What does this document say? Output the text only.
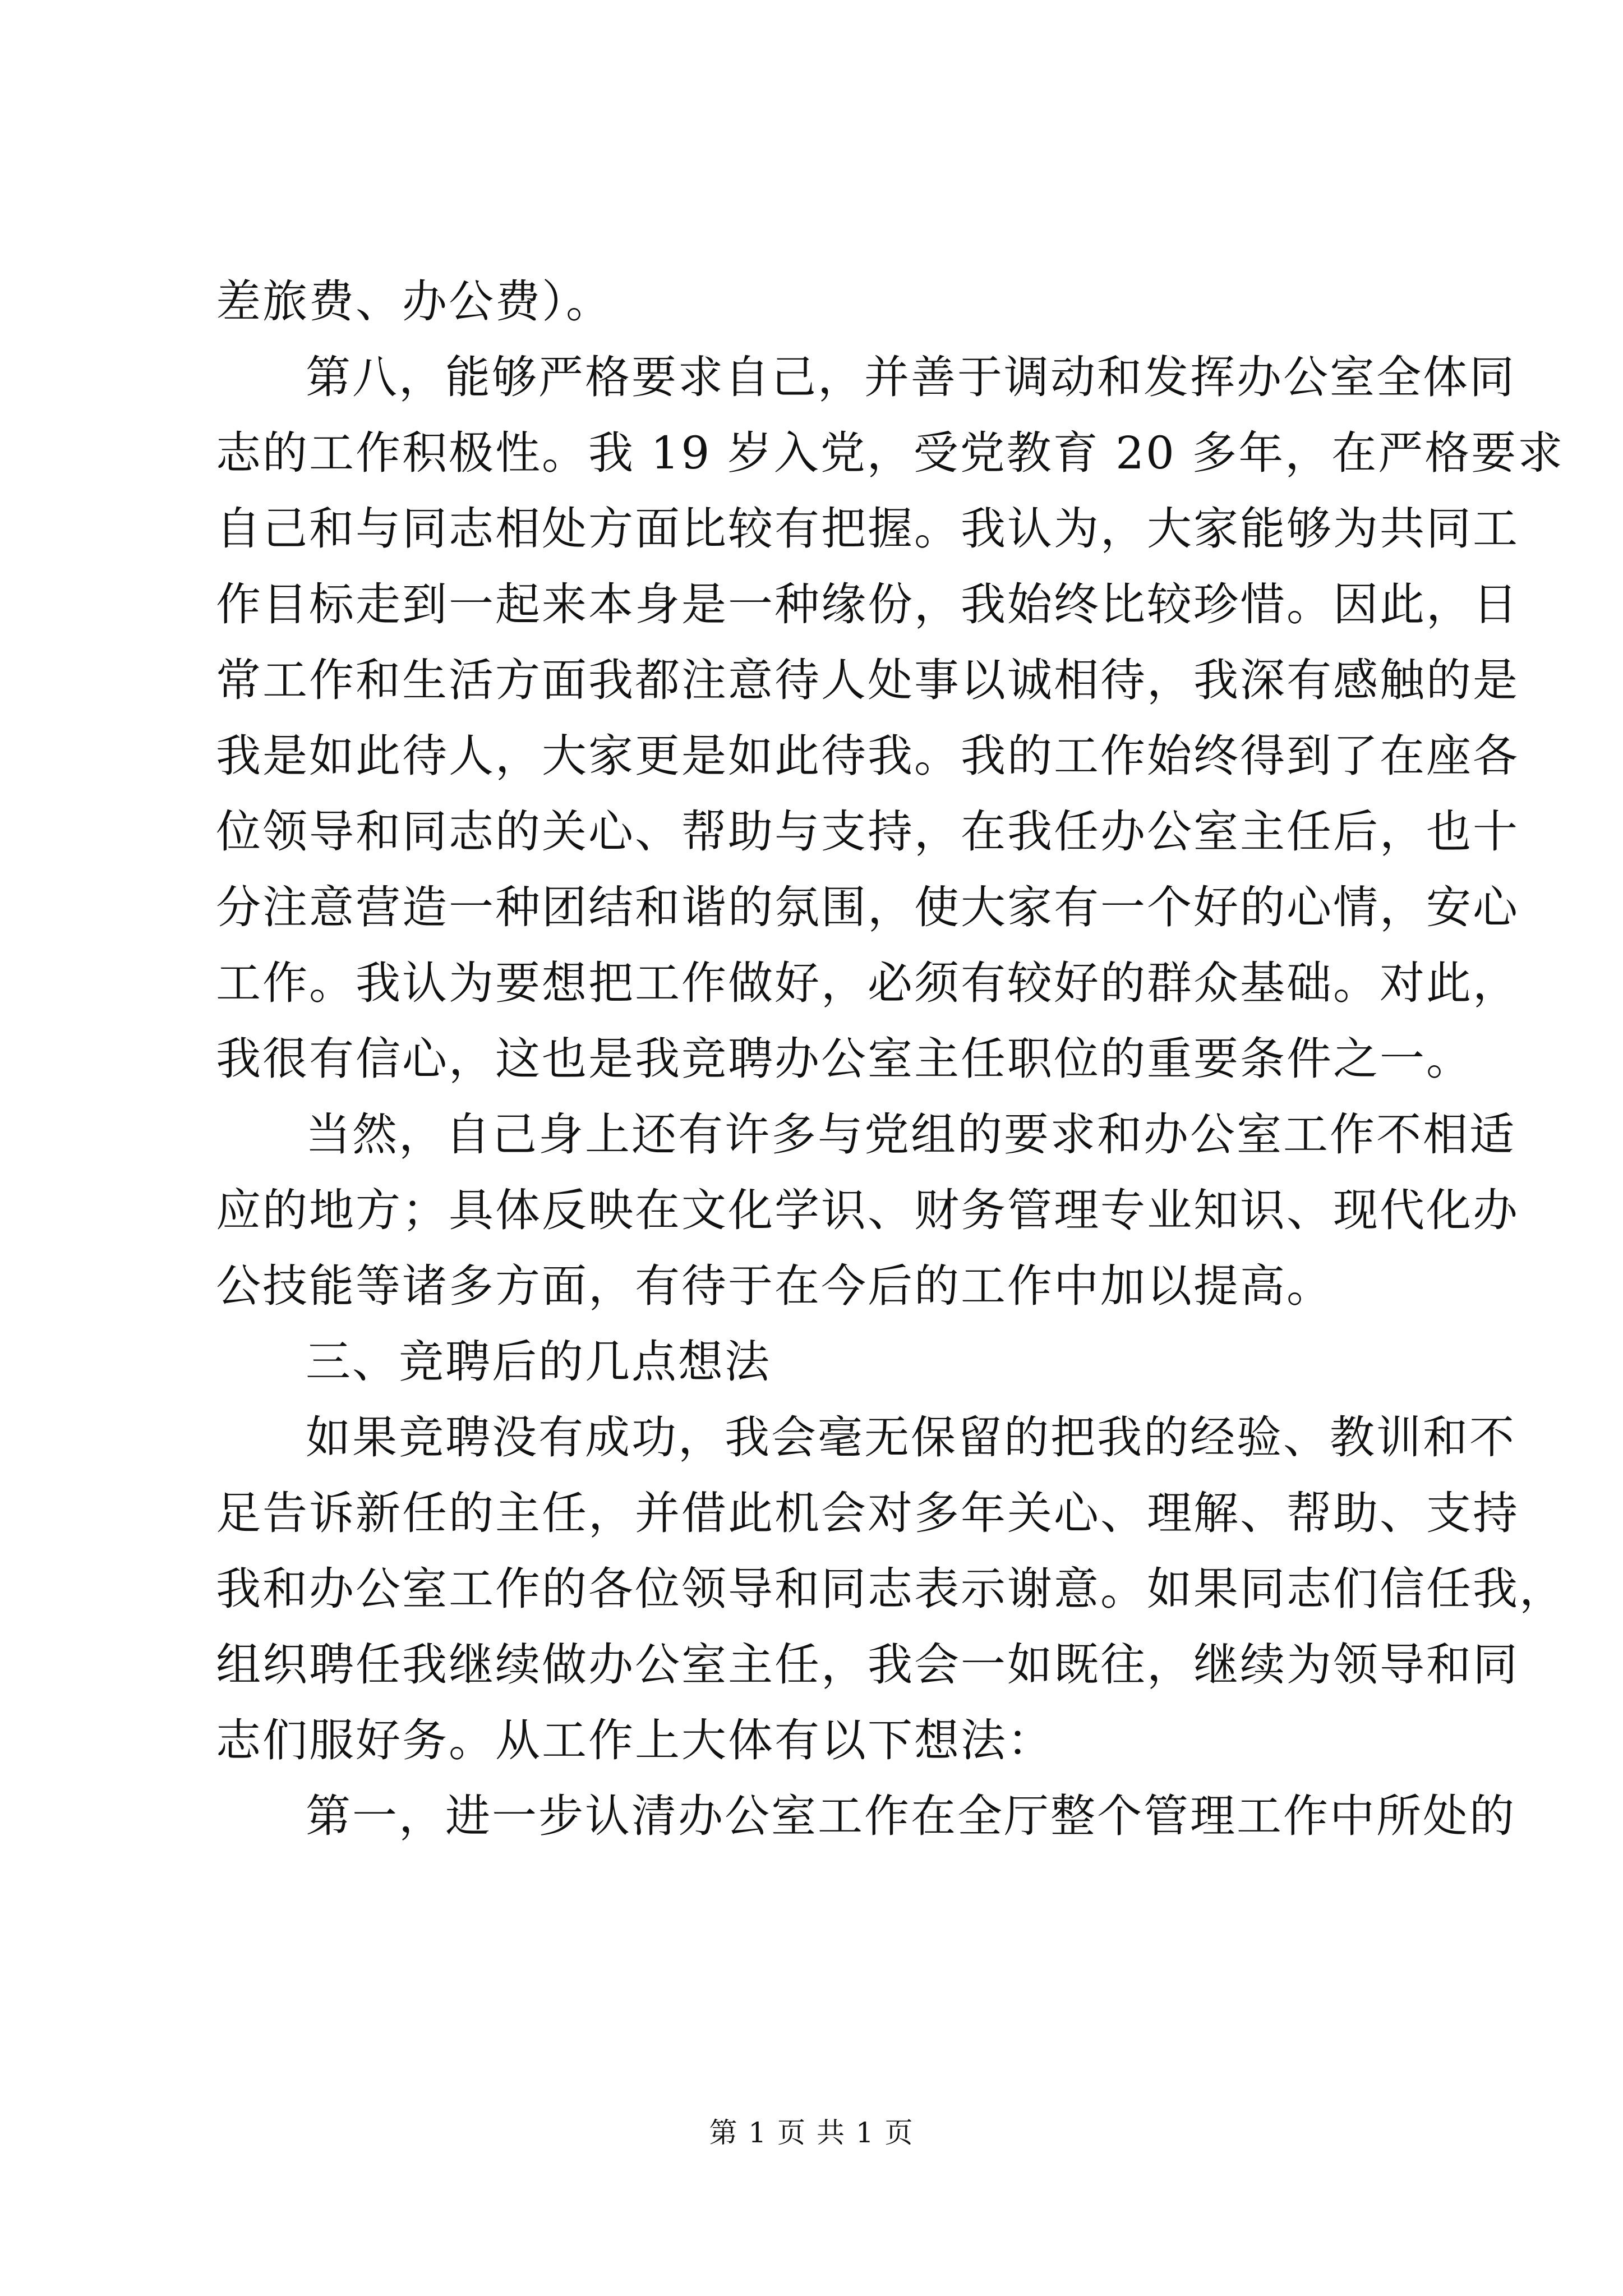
差旅费、办公费）。
第八，能够严格要求自己，并善于调动和发挥办公室全体同
志的工作积极性。我 19 岁入党，受党教育 20 多年，在严格要求
自己和与同志相处方面比较有把握。我认为，大家能够为共同工
作目标走到一起来本身是一种缘份，我始终比较珍惜。因此，日
常工作和生活方面我都注意待人处事以诚相待，我深有感触的是
我是如此待人，大家更是如此待我。我的工作始终得到了在座各
位领导和同志的关心、帮助与支持，在我任办公室主任后，也十
分注意营造一种团结和谐的氛围，使大家有一个好的心情，安心
工作。我认为要想把工作做好，必须有较好的群众基础。对此，
我很有信心，这也是我竞聘办公室主任职位的重要条件之一。
当然，自己身上还有许多与党组的要求和办公室工作不相适
应的地方；具体反映在文化学识、财务管理专业知识、现代化办
公技能等诸多方面，有待于在今后的工作中加以提高。
三、竞聘后的几点想法
如果竞聘没有成功，我会毫无保留的把我的经验、教训和不
足告诉新任的主任，并借此机会对多年关心、理解、帮助、支持
我和办公室工作的各位领导和同志表示谢意。如果同志们信任我，
组织聘任我继续做办公室主任，我会一如既往，继续为领导和同
志们服好务。从工作上大体有以下想法：
第一，进一步认清办公室工作在全厅整个管理工作中所处的
第 1 页 共 1 页
